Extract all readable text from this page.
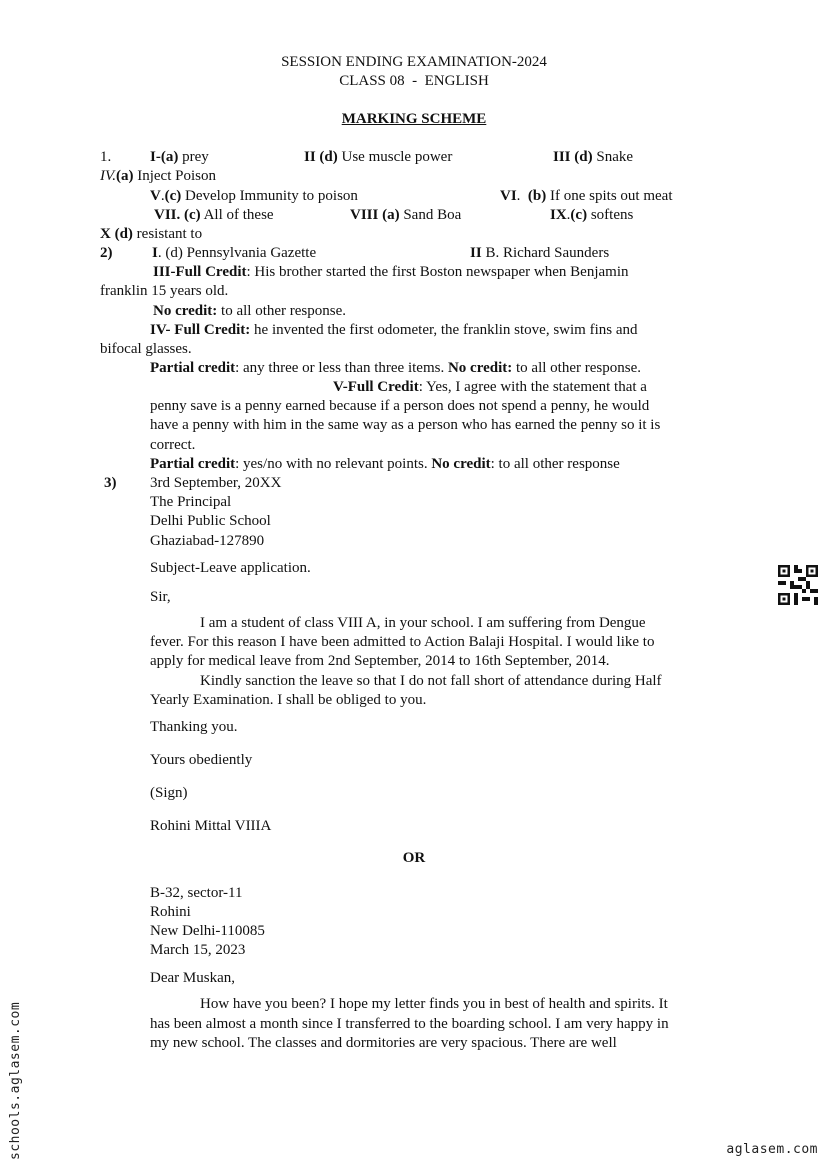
SESSION ENDING EXAMINATION-2024
CLASS 08  -  ENGLISH
MARKING SCHEME
1.	I-(a) prey	II (d) Use muscle power	III (d) Snake
IV.(a) Inject Poison
V.(c) Develop Immunity to poison	VI.  (b) If one spits out meat
VII. (c) All of these	VIII (a) Sand Boa	IX.(c) softens
X (d) resistant to
2)	I. (d) Pennsylvania Gazette	II B. Richard Saunders
III-Full Credit: His brother started the first Boston newspaper when Benjamin
franklin 15 years old.
No credit: to all other response.
IV- Full Credit: he invented the first odometer, the franklin stove, swim fins and
bifocal glasses.
Partial credit: any three or less than three items. No credit: to all other response.
V-Full Credit: Yes, I agree with the statement that a
penny save is a penny earned because if a person does not spend a penny, he would
have a penny with him in the same way as a person who has earned the penny so it is
correct.
Partial credit: yes/no with no relevant points. No credit: to all other response
3) 3rd September, 20XX
The Principal
Delhi Public School
Ghaziabad-127890
Subject-Leave application.
Sir,
I am a student of class VIII A, in your school. I am suffering from Dengue
fever. For this reason I have been admitted to Action Balaji Hospital. I would like to
apply for medical leave from 2nd September, 2014 to 16th September, 2014.
Kindly sanction the leave so that I do not fall short of attendance during Half
Yearly Examination. I shall be obliged to you.
Thanking you.
Yours obediently
(Sign)
Rohini Mittal VIIIA
OR
B-32, sector-11
Rohini
New Delhi-110085
March 15, 2023
Dear Muskan,
How have you been? I hope my letter finds you in best of health and spirits. It
has been almost a month since I transferred to the boarding school. I am very happy in
my new school. The classes and dormitories are very spacious. There are well
schools.aglasem.com	aglasem.com
